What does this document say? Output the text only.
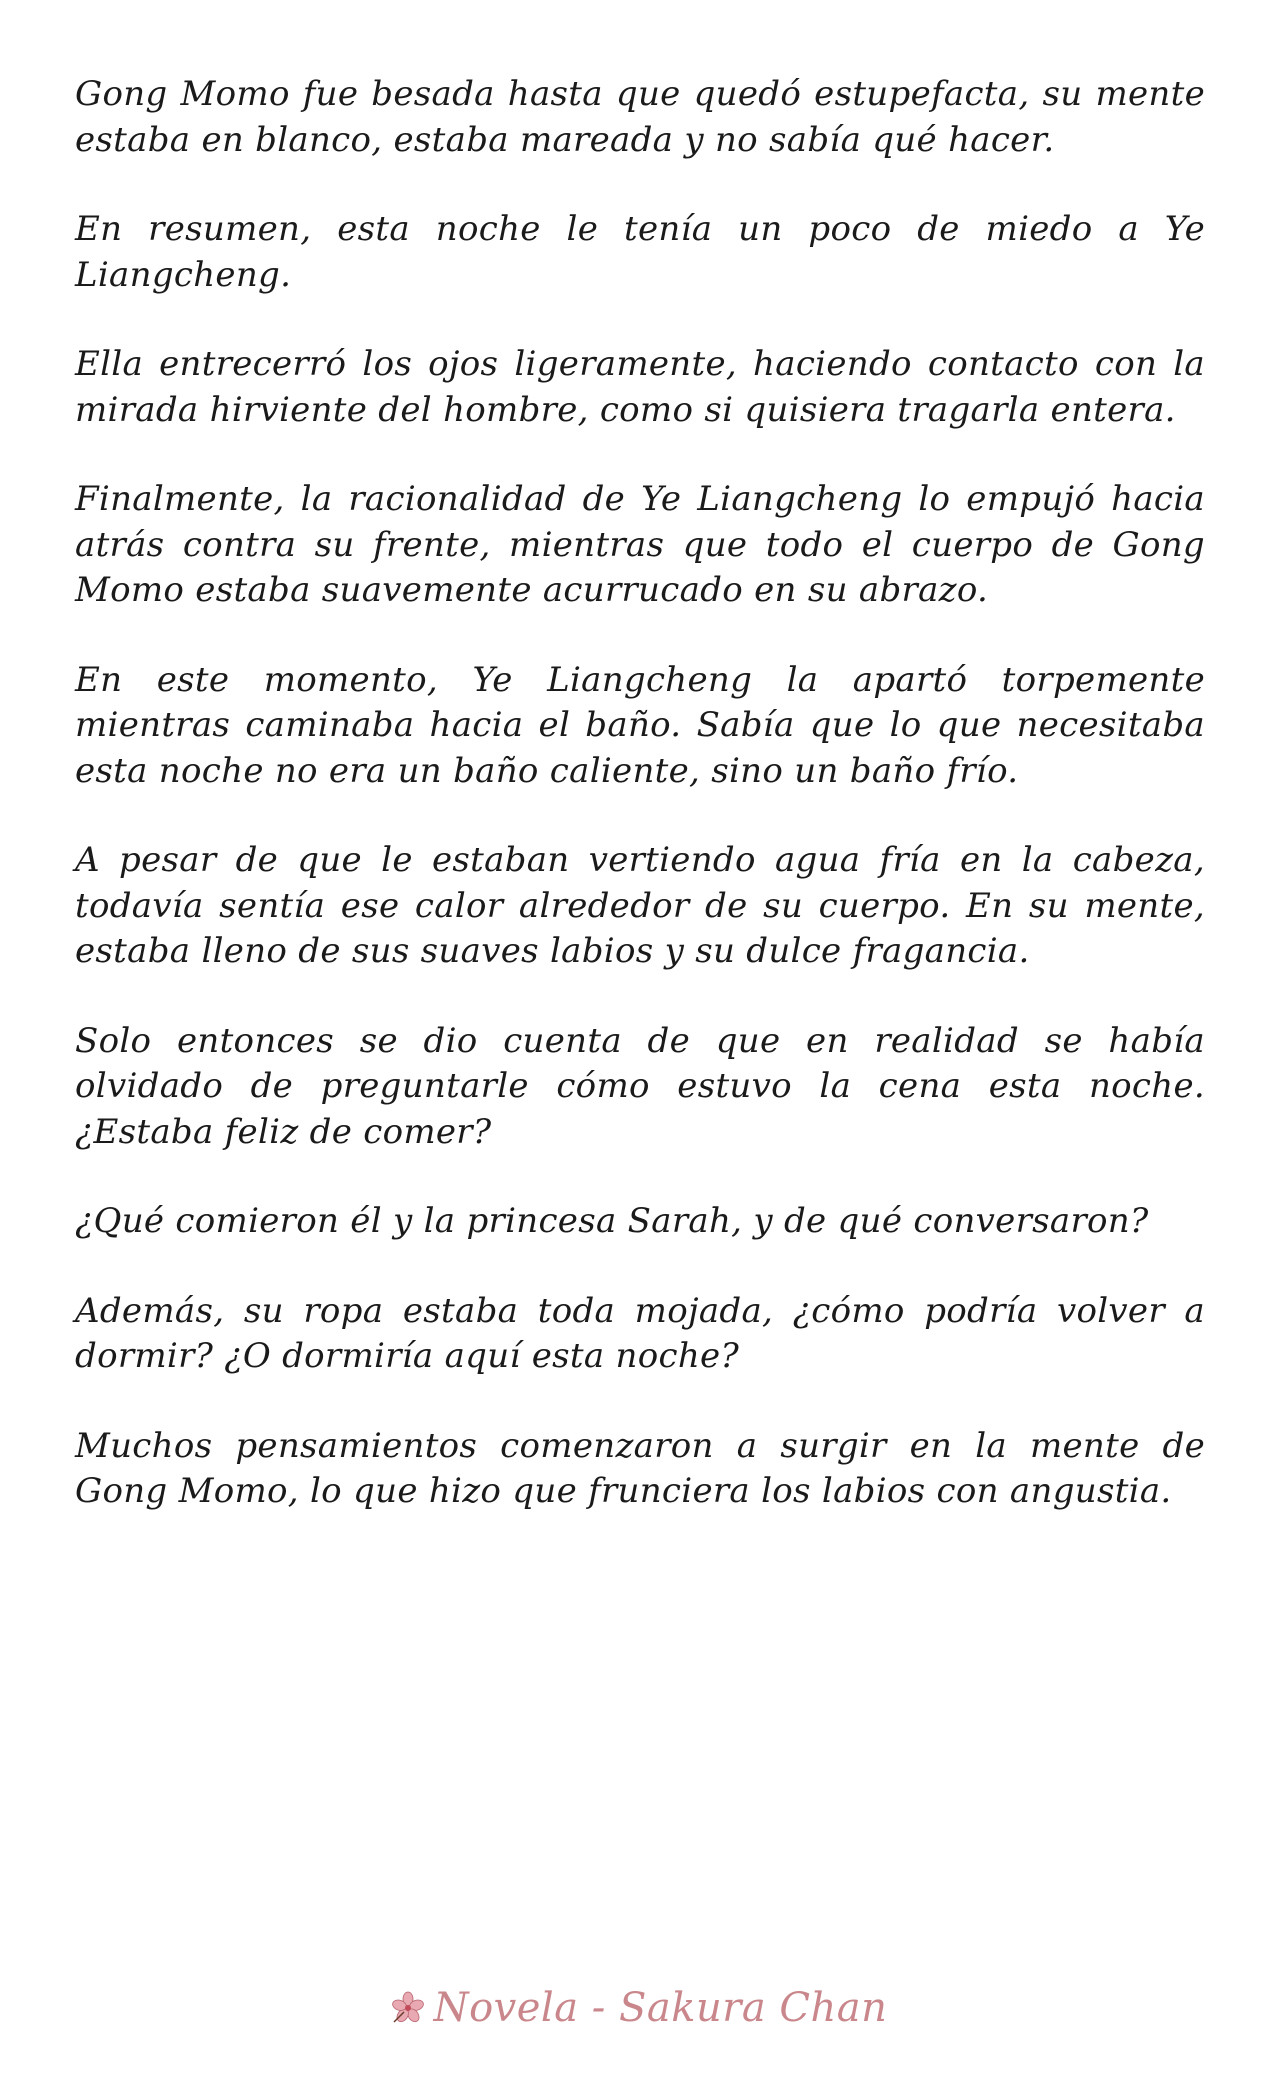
Gong Momo fue besada hasta que quedó estupefacta, su mente estaba en blanco, estaba mareada y no sabía qué hacer.

En resumen, esta noche le tenía un poco de miedo a Ye Liangcheng.

Ella entrecerró los ojos ligeramente, haciendo contacto con la mirada hirviente del hombre, como si quisiera tragarla entera.

Finalmente, la racionalidad de Ye Liangcheng lo empujó hacia atrás contra su frente, mientras que todo el cuerpo de Gong Momo estaba suavemente acurrucado en su abrazo.

En este momento, Ye Liangcheng la apartó torpemente mientras caminaba hacia el baño. Sabía que lo que necesitaba esta noche no era un baño caliente, sino un baño frío.

A pesar de que le estaban vertiendo agua fría en la cabeza, todavía sentía ese calor alrededor de su cuerpo. En su mente, estaba lleno de sus suaves labios y su dulce fragancia.

Solo entonces se dio cuenta de que en realidad se había olvidado de preguntarle cómo estuvo la cena esta noche. ¿Estaba feliz de comer?

¿Qué comieron él y la princesa Sarah, y de qué conversaron?

Además, su ropa estaba toda mojada, ¿cómo podría volver a dormir? ¿O dormiría aquí esta noche?

Muchos pensamientos comenzaron a surgir en la mente de Gong Momo, lo que hizo que frunciera los labios con angustia.

Novela - Sakura Chan
